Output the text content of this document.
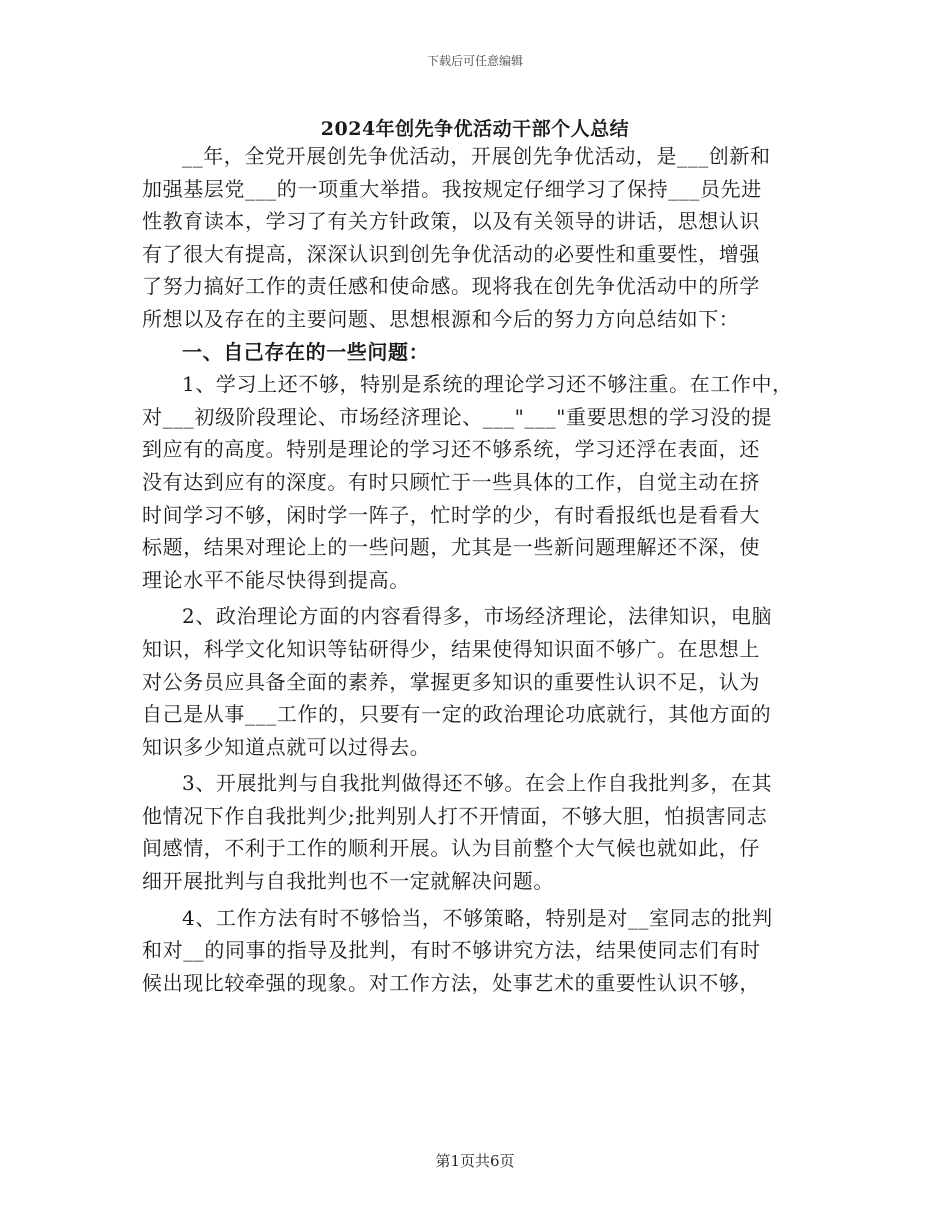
下载后可任意编辑
2024年创先争优活动干部个人总结
__年，全党开展创先争优活动，开展创先争优活动，是___创新和
加强基层党___的一项重大举措。我按规定仔细学习了保持___员先进
性教育读本，学习了有关方针政策，以及有关领导的讲话，思想认识
有了很大有提高，深深认识到创先争优活动的必要性和重要性，增强
了努力搞好工作的责任感和使命感。现将我在创先争优活动中的所学
所想以及存在的主要问题、思想根源和今后的努力方向总结如下：
一、自己存在的一些问题：
1、学习上还不够，特别是系统的理论学习还不够注重。在工作中，
对___初级阶段理论、市场经济理论、___"___"重要思想的学习没的提
到应有的高度。特别是理论的学习还不够系统，学习还浮在表面，还
没有达到应有的深度。有时只顾忙于一些具体的工作，自觉主动在挤
时间学习不够，闲时学一阵子，忙时学的少，有时看报纸也是看看大
标题，结果对理论上的一些问题，尤其是一些新问题理解还不深，使
理论水平不能尽快得到提高。
2、政治理论方面的内容看得多，市场经济理论，法律知识，电脑
知识，科学文化知识等钻研得少，结果使得知识面不够广。在思想上
对公务员应具备全面的素养，掌握更多知识的重要性认识不足，认为
自己是从事___工作的，只要有一定的政治理论功底就行，其他方面的
知识多少知道点就可以过得去。
3、开展批判与自我批判做得还不够。在会上作自我批判多，在其
他情况下作自我批判少;批判别人打不开情面，不够大胆，怕损害同志
间感情，不利于工作的顺利开展。认为目前整个大气候也就如此，仔
细开展批判与自我批判也不一定就解决问题。
4、工作方法有时不够恰当，不够策略，特别是对__室同志的批判
和对__的同事的指导及批判，有时不够讲究方法，结果使同志们有时
候出现比较牵强的现象。对工作方法，处事艺术的重要性认识不够，
第1页共6页
